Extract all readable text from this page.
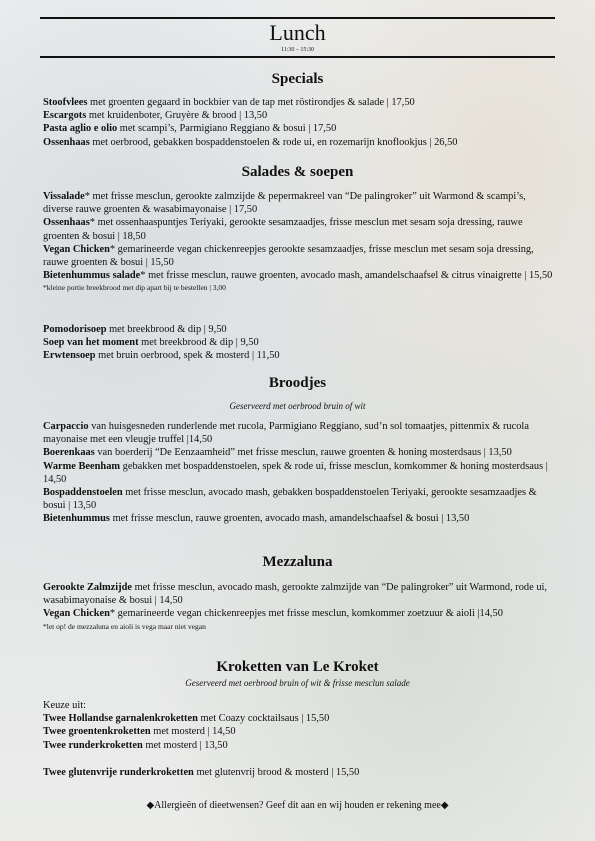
Lunch
11:30 – 15:30
Specials

Stoofvlees met groenten gegaard in bockbier van de tap met röstirondjes & salade | 17,50

Escargots met kruidenboter, Gruyère & brood | 13,50

Pasta aglio e olio met scampi’s, Parmigiano Reggiano & bosui | 17,50

Ossenhaas met oerbrood, gebakken bospaddenstoelen & rode ui, en rozemarijn knoflookjus | 26,50

Salades & soepen

Vissalade* met frisse mesclun, gerookte zalmzijde & pepermakreel van “De palingroker” uit Warmond & scampi’s, diverse rauwe groenten & wasabimayonaise | 17,50

Ossenhaas* met ossenhaaspuntjes Teriyaki, gerookte sesamzaadjes, frisse mesclun met sesam soja dressing, rauwe groenten & bosui | 18,50

Vegan Chicken* gemarineerde vegan chickenreepjes gerookte sesamzaadjes, frisse mesclun met sesam soja dressing, rauwe groenten & bosui | 15,50

Bietenhummus salade* met frisse mesclun, rauwe groenten, avocado mash, amandelschaafsel & citrus vinaigrette | 15,50

*kleine portie breekbrood met dip apart bij te bestellen | 3,00

Pomodorisoep met breekbrood & dip | 9,50

Soep van het moment met breekbrood & dip | 9,50

Erwtensoep met bruin oerbrood, spek & mosterd | 11,50

Broodjes
Geserveerd met oerbrood bruin of wit

Carpaccio van huisgesneden runderlende met rucola, Parmigiano Reggiano, sud’n sol tomaatjes, pittenmix & rucola mayonaise met een vleugje truffel |14,50

Boerenkaas van boerderij “De Eenzaamheid” met frisse mesclun, rauwe groenten & honing mosterdsaus | 13,50

Warme Beenham gebakken met bospaddenstoelen, spek & rode ui, frisse mesclun, komkommer & honing mosterdsaus | 14,50

Bospaddenstoelen met frisse mesclun, avocado mash, gebakken bospaddenstoelen Teriyaki, gerookte sesamzaadjes & bosui | 13,50

Bietenhummus met frisse mesclun, rauwe groenten, avocado mash, amandelschaafsel & bosui | 13,50

Mezzaluna

Gerookte Zalmzijde met frisse mesclun, avocado mash, gerookte zalmzijde van “De palingroker” uit Warmond, rode ui, wasabimayonaise & bosui | 14,50

Vegan Chicken* gemarineerde vegan chickenreepjes met frisse mesclun, komkommer zoetzuur & aioli |14,50

*let op! de mezzaluna en aioli is vega maar niet vegan

Kroketten van Le Kroket
Geserveerd met oerbrood bruin of wit & frisse mesclun salade

Keuze uit:

Twee Hollandse garnalenkroketten met Coazy cocktailsaus | 15,50

Twee groentenkroketten met mosterd | 14,50

Twee runderkroketten met mosterd | 13,50

Twee glutenvrije runderkroketten met glutenvrij brood & mosterd | 15,50

◆Allergieën of dieetwensen? Geef dit aan en wij houden er rekening mee◆
